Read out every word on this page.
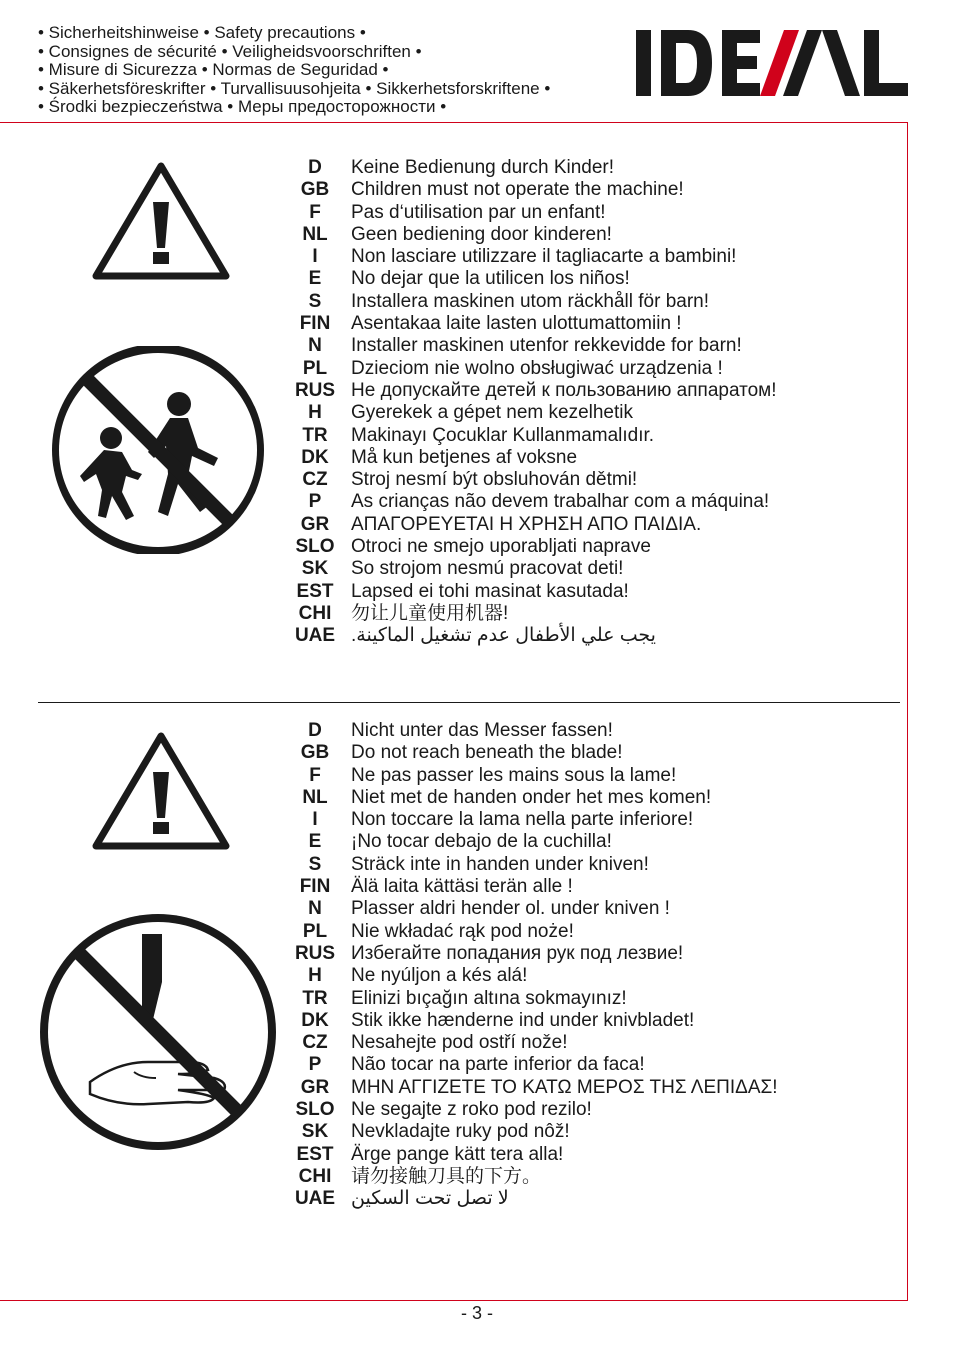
• Sicherheitshinweise • Safety precautions •
• Consignes de sécurité • Veiligheidsvoorschriften •
• Misure di Sicurezza • Normas de Seguridad •
• Säkerhetsföreskrifter • Turvallisuusohjeita • Sikkerhetsforskriftene •
• Środki bezpieczeństwa • Меры предосторожности •
D	Keine Bedienung durch Kinder!
GB	Children must not operate the machine!
F	Pas d‘utilisation par un enfant!
NL	Geen bediening door kinderen!
I	Non lasciare utilizzare il tagliacarte a bambini!
E	No dejar que la utilicen los niños!
S	Installera maskinen utom räckhåll för barn!
FIN	Asentakaa laite lasten ulottumattomiin !
N	Installer maskinen utenfor rekkevidde for barn!
PL	Dzieciom nie wolno obsługiwać urządzenia !
RUS Не допускайте детей к пользованию аппаратом!
H	Gyerekek a gépet nem kezelhetik
TR	Makinayı Çocuklar Kullanmamalıdır.
DK	Må kun betjenes af voksne
CZ	Stroj nesmí být obsluhován dětmi!
P	As crianças não devem trabalhar com a máquina!
GR	ΑΠΑΓΟΡΕΥΕΤΑΙ Η ΧΡΗΣΗ ΑΠΟ ΠΑΙΔΙΑ.
SLO Otroci ne smejo uporabljati naprave
SK	So strojom nesmú pracovat deti!
EST Lapsed ei tohi masinat kasutada!
CHI	勿让儿童使用机器!
UAE يجب علي الأطفال عدم تشغيل الماكينة.
D	Nicht unter das Messer fassen!
GB	Do not reach beneath the blade!
F	Ne pas passer les mains sous la lame!
NL	Niet met de handen onder het mes komen!
I	Non toccare la lama nella parte inferiore!
E	¡No tocar debajo de la cuchilla!
S	Sträck inte in handen under kniven!
FIN	Älä laita kättäsi terän alle !
N	Plasser aldri hender ol. under kniven !
PL	Nie wkładać rąk pod noże!
RUS Избегайте попадания рук под лезвие!
H	Ne nyúljon a kés alá!
TR	Elinizi bıçağın altına sokmayınız!
DK	Stik ikke hænderne ind under knivbladet!
CZ	Nesahejte pod ostří nože!
P	Não tocar na parte inferior da faca!
GR	ΜΗΝ ΑΓΓΙΖΕΤΕ ΤΟ ΚΑΤΩ ΜΕΡΟΣ ΤΗΣ ΛΕΠΙΔΑΣ!
SLO Ne segajte z roko pod rezilo!
SK	Nevkladajte ruky pod nôž!
EST Ärge pange kätt tera alla!
CHI	请勿接触刀具的下方。
UAE لا تصل تحت السكين
- 3 -
